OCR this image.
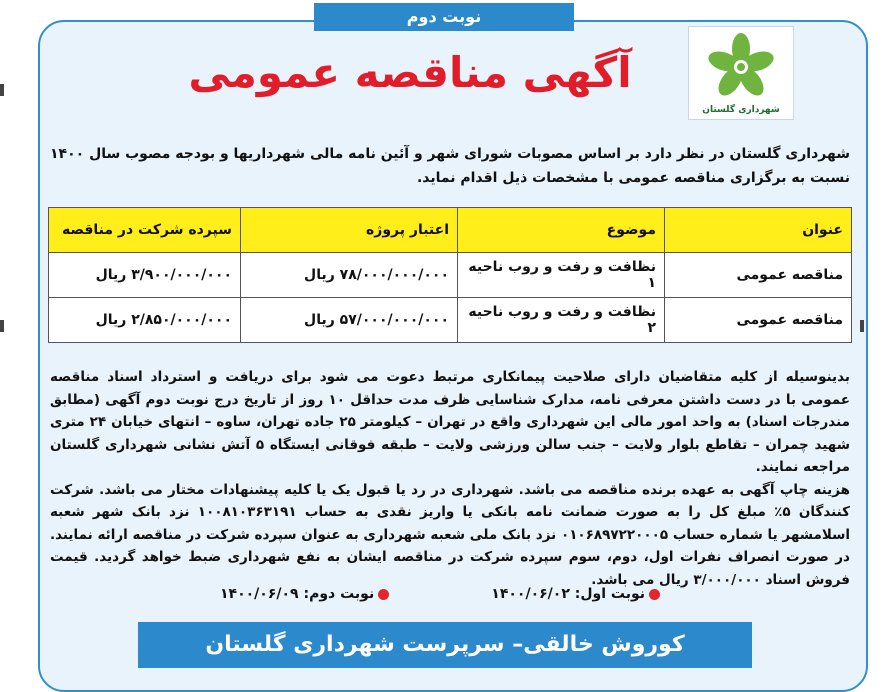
نوبت دوم
شهرداری گلستان
آگهی مناقصه عمومی
شهرداری گلستان در نظر دارد بر اساس مصوبات شورای شهر و آئین نامه مالی شهرداریها و بودجه مصوب سال ۱۴۰۰ نسبت به برگزاری مناقصه عمومی با مشخصات ذیل اقدام نماید.
عنوان	موضوع	اعتبار پروژه	سپرده شرکت در مناقصه
مناقصه عمومی	نظافت و رفت و روب ناحیه ۱	۷۸/۰۰۰/۰۰۰/۰۰۰ ریال	۳/۹۰۰/۰۰۰/۰۰۰ ریال
مناقصه عمومی	نظافت و رفت و روب ناحیه ۲	۵۷/۰۰۰/۰۰۰/۰۰۰ ریال	۲/۸۵۰/۰۰۰/۰۰۰ ریال
بدینوسیله از کلیه متقاضیان دارای صلاحیت پیمانکاری مرتبط دعوت می شود برای دریافت و استرداد اسناد مناقصه عمومی با در دست داشتن معرفی نامه، مدارک شناسایی ظرف مدت حداقل ۱۰ روز از تاریخ درج نوبت دوم آگهی (مطابق مندرجات اسناد) به واحد امور مالی این شهرداری واقع در تهران – کیلومتر ۲۵ جاده تهران، ساوه – انتهای خیابان ۲۴ متری شهید چمران – تقاطع بلوار ولایت – جنب سالن ورزشی ولایت – طبقه فوقانی ایستگاه ۵ آتش نشانی شهرداری گلستان مراجعه نمایند.
هزینه چاپ آگهی به عهده برنده مناقصه می باشد. شهرداری در رد یا قبول یک یا کلیه پیشنهادات مختار می باشد. شرکت کنندگان ۵٪ مبلغ کل را به صورت ضمانت نامه بانکی یا واریز نقدی به حساب ۱۰۰۸۱۰۳۶۳۱۹۱ نزد بانک شهر شعبه اسلامشهر یا شماره حساب ۰۱۰۶۸۹۷۲۲۰۰۰۵ نزد بانک ملی شعبه شهرداری به عنوان سپرده شرکت در مناقصه ارائه نمایند. در صورت انصراف نفرات اول، دوم، سوم سپرده شرکت در مناقصه ایشان به نفع شهرداری ضبط خواهد گردید. قیمت فروش اسناد ۳/۰۰۰/۰۰۰ ریال می باشد.
نوبت اول: ۱۴۰۰/۰۶/۰۲
نوبت دوم: ۱۴۰۰/۰۶/۰۹
کوروش خالقی– سرپرست شهرداری گلستان
